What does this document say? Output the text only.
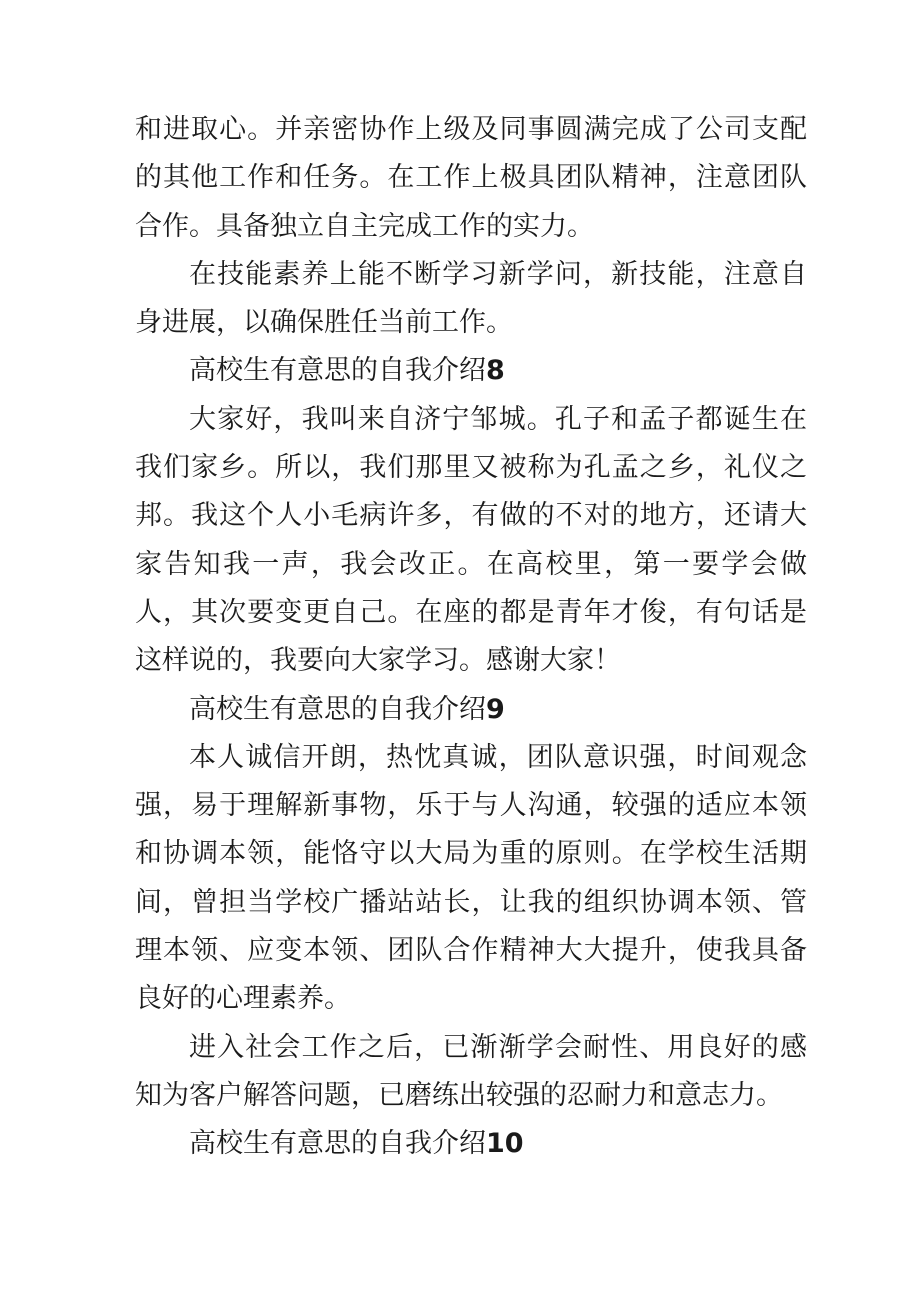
和进取心。并亲密协作上级及同事圆满完成了公司支配的其他工作和任务。在工作上极具团队精神，注意团队合作。具备独立自主完成工作的实力。

在技能素养上能不断学习新学问，新技能，注意自身进展，以确保胜任当前工作。

高校生有意思的自我介绍8

大家好，我叫来自济宁邹城。孔子和孟子都诞生在我们家乡。所以，我们那里又被称为孔孟之乡，礼仪之邦。我这个人小毛病许多，有做的不对的地方，还请大家告知我一声，我会改正。在高校里，第一要学会做人，其次要变更自己。在座的都是青年才俊，有句话是这样说的，我要向大家学习。感谢大家！

高校生有意思的自我介绍9

本人诚信开朗，热忱真诚，团队意识强，时间观念强，易于理解新事物，乐于与人沟通，较强的适应本领和协调本领，能恪守以大局为重的原则。在学校生活期间，曾担当学校广播站站长，让我的组织协调本领、管理本领、应变本领、团队合作精神大大提升，使我具备良好的心理素养。

进入社会工作之后，已渐渐学会耐性、用良好的感知为客户解答问题，已磨练出较强的忍耐力和意志力。

高校生有意思的自我介绍10
